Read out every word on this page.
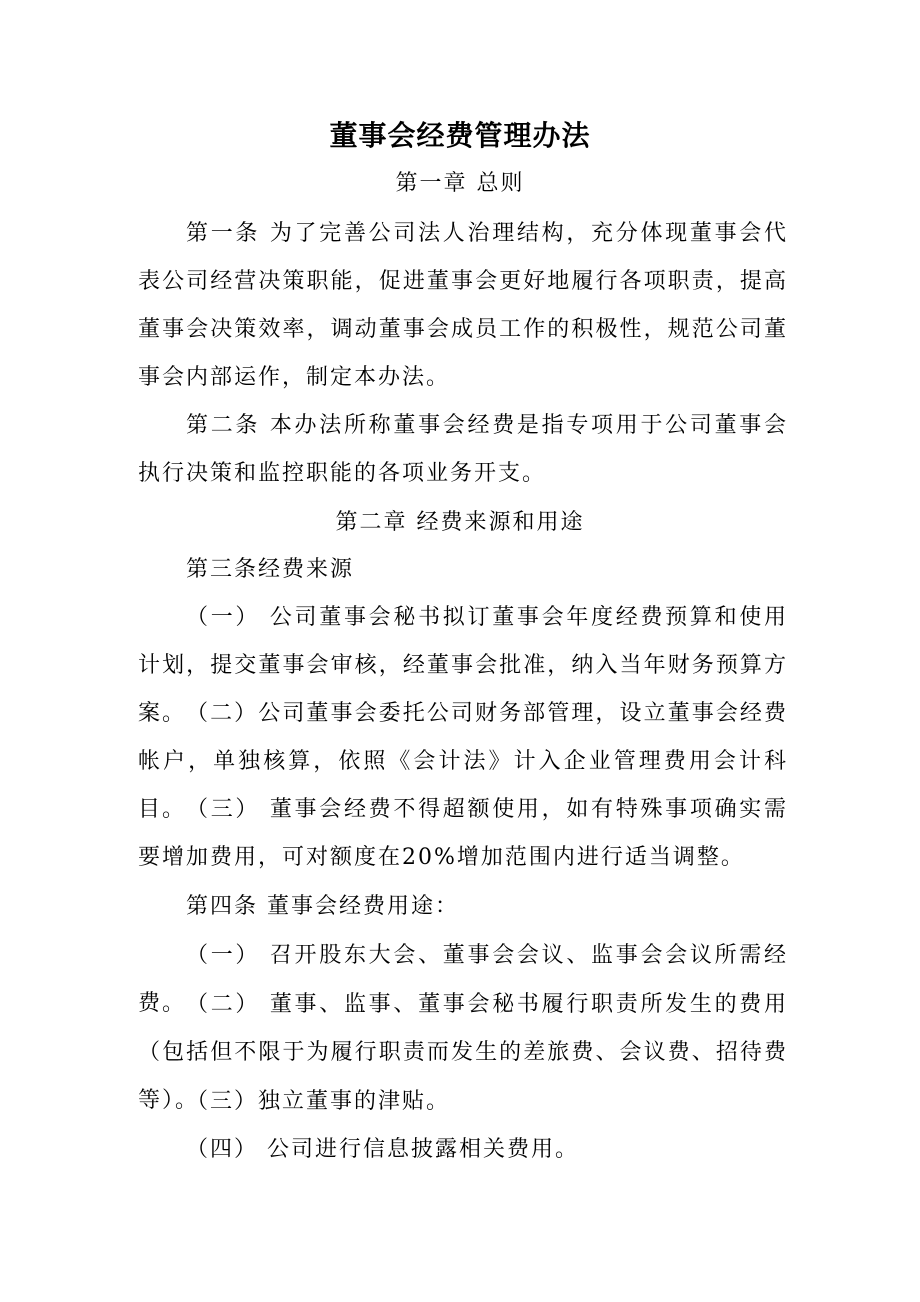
董事会经费管理办法
第一章 总则

第一条 为了完善公司法人治理结构，充分体现董事会代表公司经营决策职能，促进董事会更好地履行各项职责，提高董事会决策效率，调动董事会成员工作的积极性，规范公司董事会内部运作，制定本办法。

第二条 本办法所称董事会经费是指专项用于公司董事会执行决策和监控职能的各项业务开支。

第二章 经费来源和用途

第三条经费来源

（一） 公司董事会秘书拟订董事会年度经费预算和使用计划，提交董事会审核，经董事会批准，纳入当年财务预算方案。 （二）公司董事会委托公司财务部管理，设立董事会经费帐户，单独核算，依照《会计法》计入企业管理费用会计科目。 （三） 董事会经费不得超额使用，如有特殊事项确实需要增加费用，可对额度在20%增加范围内进行适当调整。

第四条 董事会经费用途：

（一） 召开股东大会、董事会会议、监事会会议所需经费。 （二） 董事、监事、董事会秘书履行职责所发生的费用（包括但不限于为履行职责而发生的差旅费、会议费、招待费等）。

（三）独立董事的津贴。

（四） 公司进行信息披露相关费用。
